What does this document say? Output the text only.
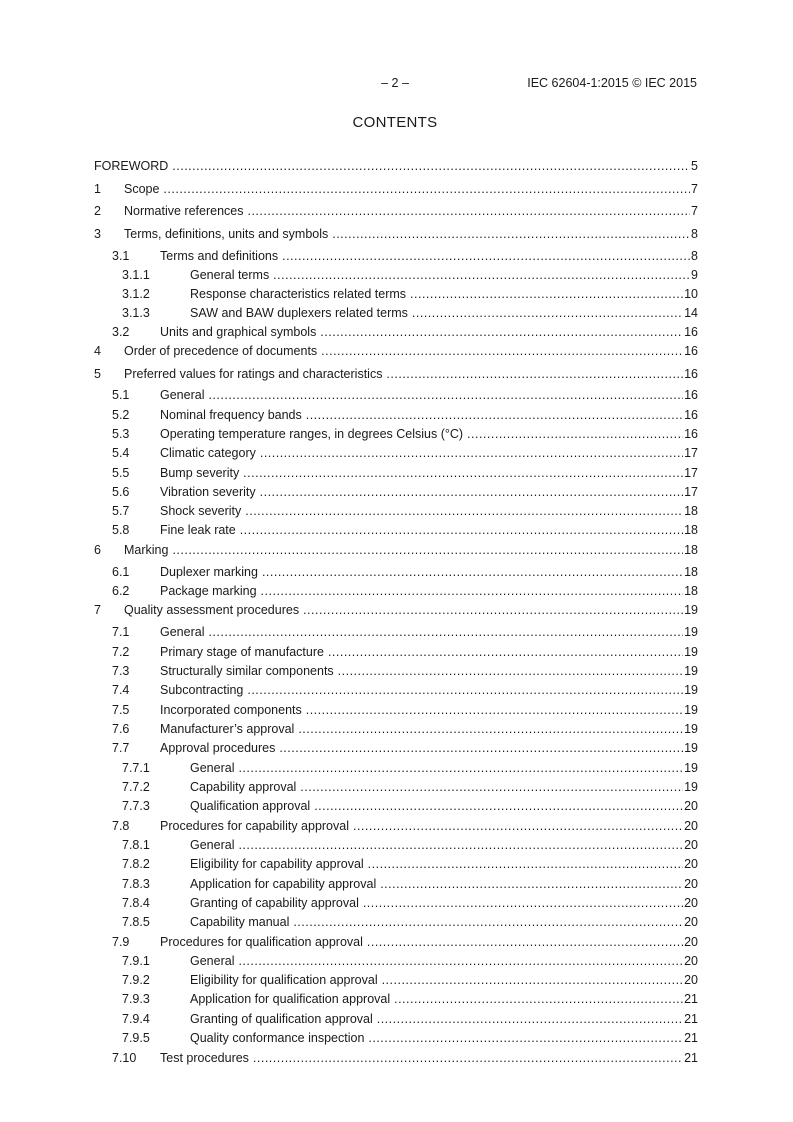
– 2 –	IEC 62604-1:2015 © IEC 2015
CONTENTS
FOREWORD .....	5
1 Scope .....	7
2 Normative references .....	7
3 Terms, definitions, units and symbols .....	8
3.1 Terms and definitions .....	8
3.1.1	General terms .....	9
3.1.2	Response characteristics related terms .....	10
3.1.3	SAW and BAW duplexers related terms .....	14
3.2 Units and graphical symbols .....	16
4 Order of precedence of documents .....	16
5 Preferred values for ratings and characteristics .....	16
5.1 General .....	16
5.2 Nominal frequency bands .....	16
5.3 Operating temperature ranges, in degrees Celsius (°C) .....	16
5.4 Climatic category .....	17
5.5 Bump severity .....	17
5.6 Vibration severity .....	17
5.7 Shock severity .....	18
5.8 Fine leak rate .....	18
6 Marking .....	18
6.1 Duplexer marking .....	18
6.2 Package marking .....	18
7 Quality assessment procedures .....	19
7.1 General .....	19
7.2 Primary stage of manufacture .....	19
7.3 Structurally similar components .....	19
7.4 Subcontracting .....	19
7.5 Incorporated components .....	19
7.6 Manufacturer’s approval .....	19
7.7 Approval procedures .....	19
7.7.1	General .....	19
7.7.2	Capability approval .....	19
7.7.3	Qualification approval .....	20
7.8 Procedures for capability approval .....	20
7.8.1	General .....	20
7.8.2	Eligibility for capability approval .....	20
7.8.3	Application for capability approval .....	20
7.8.4	Granting of capability approval .....	20
7.8.5	Capability manual .....	20
7.9 Procedures for qualification approval .....	20
7.9.1	General .....	20
7.9.2	Eligibility for qualification approval .....	20
7.9.3	Application for qualification approval .....	21
7.9.4	Granting of qualification approval .....	21
7.9.5	Quality conformance inspection .....	21
7.10 Test procedures .....	21
